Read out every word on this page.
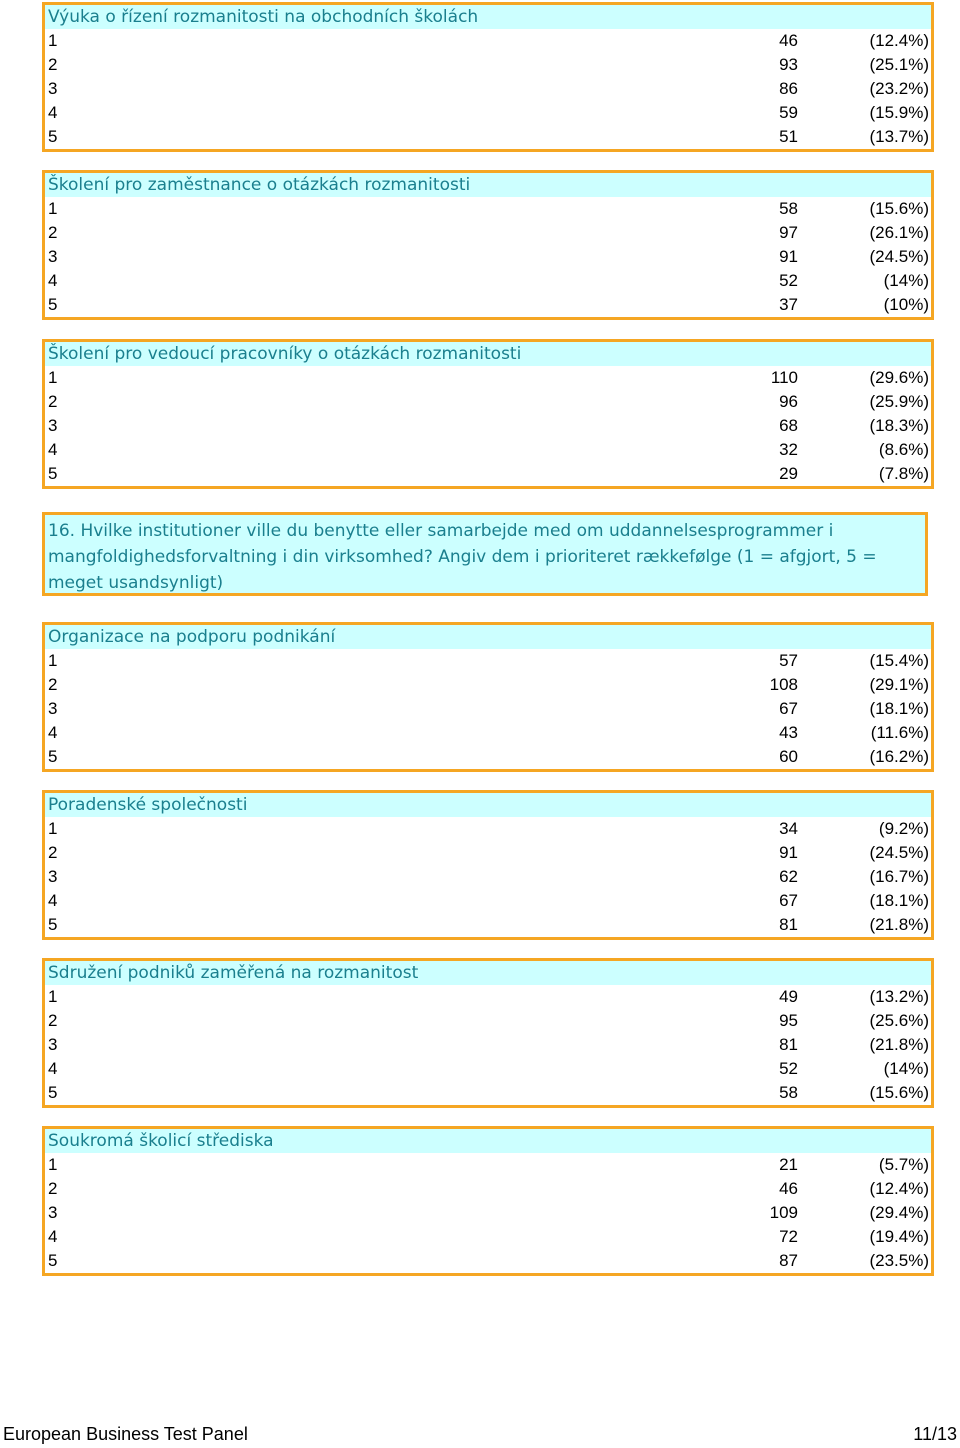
Výuka o řízení rozmanitosti na obchodních školách
1	46	(12.4%)
2	93	(25.1%)
3	86	(23.2%)
4	59	(15.9%)
5	51	(13.7%)
Školení pro zaměstnance o otázkách rozmanitosti
1	58	(15.6%)
2	97	(26.1%)
3	91	(24.5%)
4	52	(14%)
5	37	(10%)
Školení pro vedoucí pracovníky o otázkách rozmanitosti
1	110	(29.6%)
2	96	(25.9%)
3	68	(18.3%)
4	32	(8.6%)
5	29	(7.8%)
16. Hvilke institutioner ville du benytte eller samarbejde med om uddannelsesprogrammer i mangfoldighedsforvaltning i din virksomhed? Angiv dem i prioriteret rækkefølge (1 = afgjort, 5 = meget usandsynligt)
Organizace na podporu podnikání
1	57	(15.4%)
2	108	(29.1%)
3	67	(18.1%)
4	43	(11.6%)
5	60	(16.2%)
Poradenské společnosti
1	34	(9.2%)
2	91	(24.5%)
3	62	(16.7%)
4	67	(18.1%)
5	81	(21.8%)
Sdružení podniků zaměřená na rozmanitost
1	49	(13.2%)
2	95	(25.6%)
3	81	(21.8%)
4	52	(14%)
5	58	(15.6%)
Soukromá školicí střediska
1	21	(5.7%)
2	46	(12.4%)
3	109	(29.4%)
4	72	(19.4%)
5	87	(23.5%)
European Business Test Panel	11/13
